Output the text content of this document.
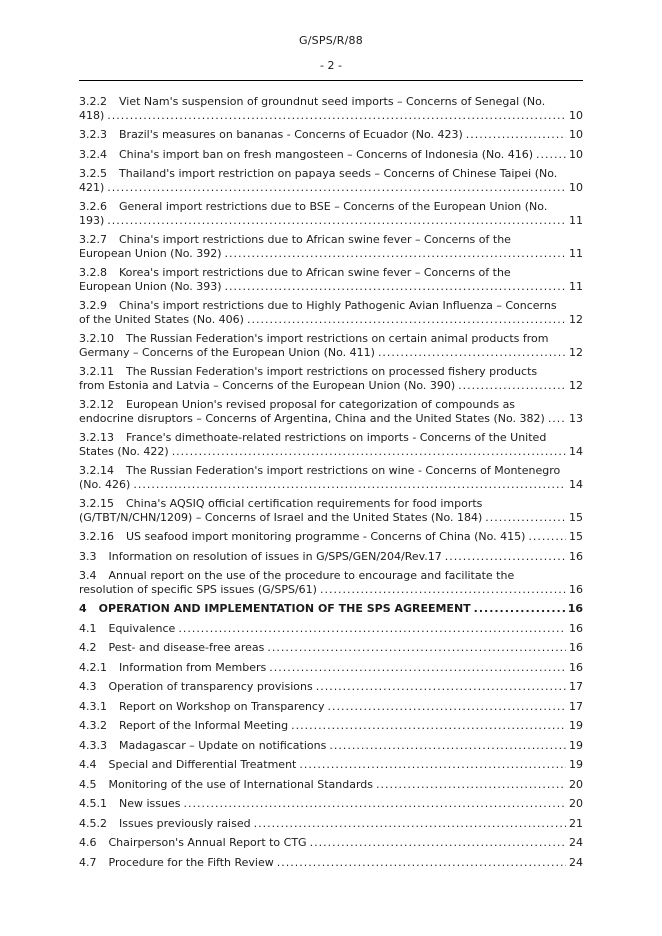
G/SPS/R/88
- 2 -
3.2.2 Viet Nam's suspension of groundnut seed imports – Concerns of Senegal (No. 418) .....	10
3.2.3 Brazil's measures on bananas - Concerns of Ecuador (No. 423) .....	10
3.2.4 China's import ban on fresh mangosteen – Concerns of Indonesia (No. 416) .....	10
3.2.5 Thailand's import restriction on papaya seeds – Concerns of Chinese Taipei (No. 421) .....	10
3.2.6 General import restrictions due to BSE – Concerns of the European Union (No. 193) .....	11
3.2.7 China's import restrictions due to African swine fever – Concerns of the European Union (No. 392) .....	11
3.2.8 Korea's import restrictions due to African swine fever – Concerns of the European Union (No. 393) .....	11
3.2.9 China's import restrictions due to Highly Pathogenic Avian Influenza – Concerns of the United States (No. 406) .....	12
3.2.10 The Russian Federation's import restrictions on certain animal products from Germany – Concerns of the European Union (No. 411) .....	12
3.2.11 The Russian Federation's import restrictions on processed fishery products from Estonia and Latvia – Concerns of the European Union (No. 390) .....	12
3.2.12 European Union's revised proposal for categorization of compounds as endocrine disruptors – Concerns of Argentina, China and the United States (No. 382) .....	13
3.2.13 France's dimethoate-related restrictions on imports - Concerns of the United States (No. 422) .....	14
3.2.14 The Russian Federation's import restrictions on wine - Concerns of Montenegro (No. 426) .....	14
3.2.15 China's AQSIQ official certification requirements for food imports (G/TBT/N/CHN/1209) – Concerns of Israel and the United States (No. 184) .....	15
3.2.16 US seafood import monitoring programme - Concerns of China (No. 415) .....	15
3.3 Information on resolution of issues in G/SPS/GEN/204/Rev.17 .....	16
3.4 Annual report on the use of the procedure to encourage and facilitate the resolution of specific SPS issues (G/SPS/61) .....	16
4 OPERATION AND IMPLEMENTATION OF THE SPS AGREEMENT .....	16
4.1 Equivalence .....	16
4.2 Pest- and disease-free areas .....	16
4.2.1 Information from Members .....	16
4.3 Operation of transparency provisions .....	17
4.3.1 Report on Workshop on Transparency .....	17
4.3.2 Report of the Informal Meeting .....	19
4.3.3 Madagascar – Update on notifications .....	19
4.4 Special and Differential Treatment .....	19
4.5 Monitoring of the use of International Standards .....	20
4.5.1 New issues .....	20
4.5.2 Issues previously raised .....	21
4.6 Chairperson's Annual Report to CTG .....	24
4.7 Procedure for the Fifth Review .....	24
